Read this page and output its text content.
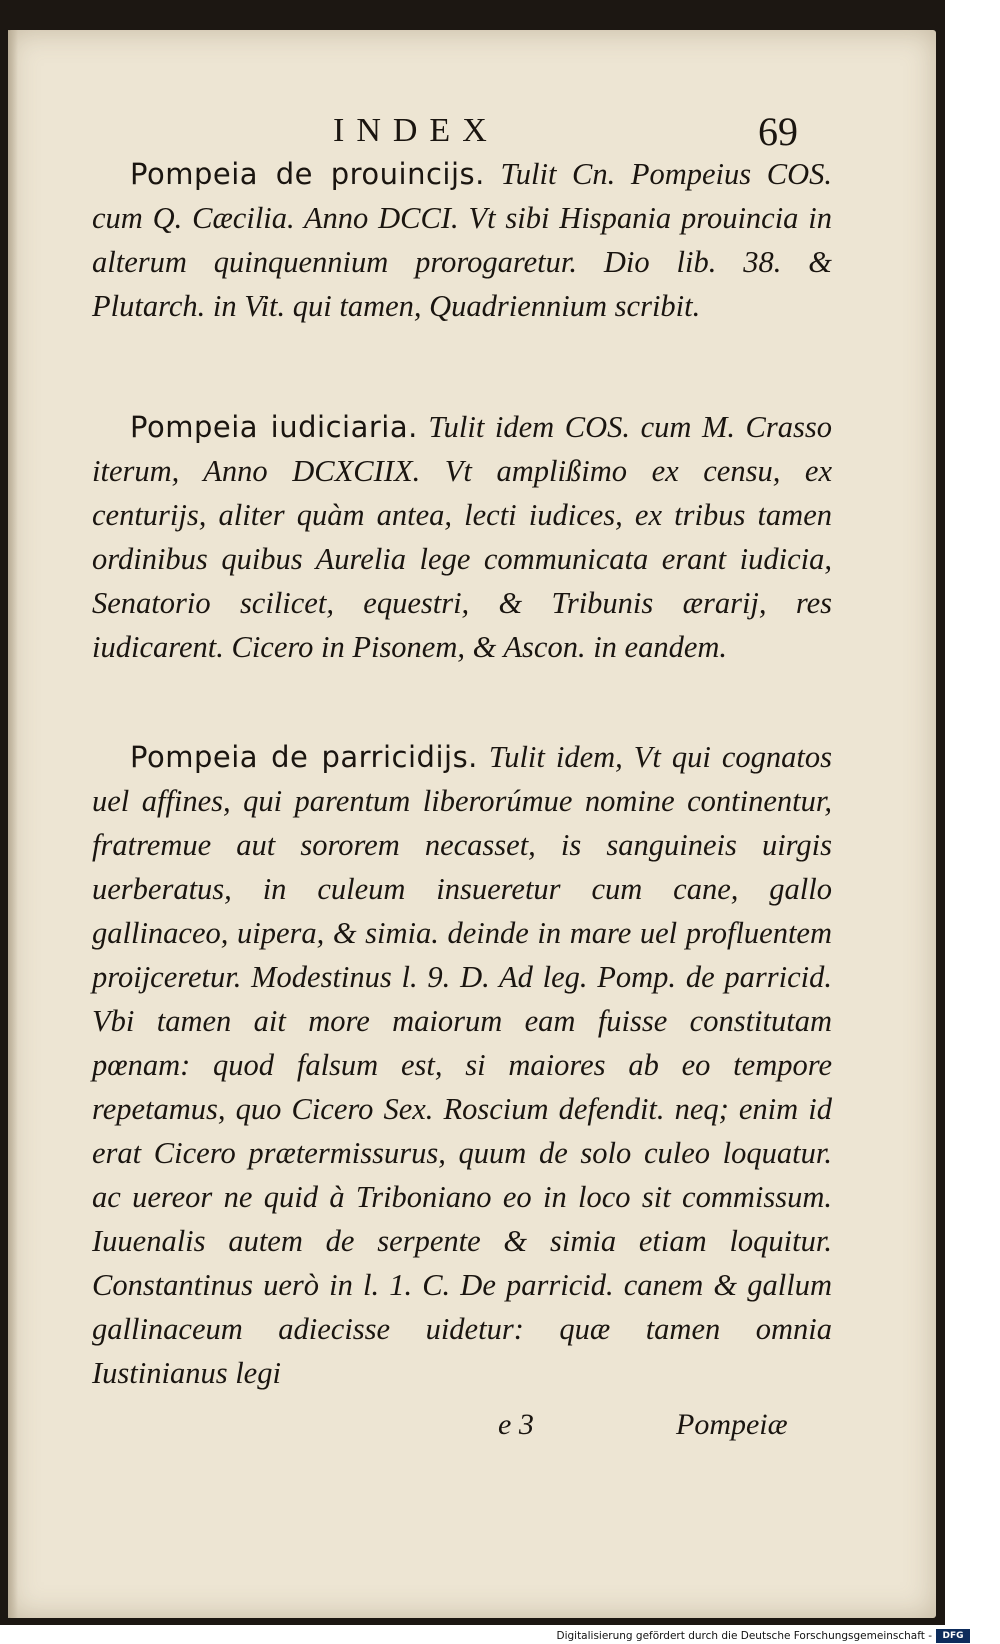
INDEX	69
Pompeia de prouincijs. Tulit Cn. Pompeius COS. cum Q. Cæcilia. Anno DCCI. Vt sibi Hispania prouincia in alterum quinquennium prorogaretur. Dio lib. 38. & Plutarch. in Vit. qui tamen, Quadriennium scribit.
Pompeia iudiciaria. Tulit idem COS. cum M. Crasso iterum, Anno DCXCIIX. Vt amplißimo ex censu, ex centurijs, aliter quàm antea, lecti iudices, ex tribus tamen ordinibus quibus Aurelia lege communicata erant iudicia, Senatorio scilicet, equestri, & Tribunis ærarij, res iudicarent. Cicero in Pisonem, & Ascon. in eandem.
Pompeia de parricidijs. Tulit idem, Vt qui cognatos uel affines, qui parentum liberorúmue nomine continentur, fratremue aut sororem necasset, is sanguineis uirgis uerberatus, in culeum insueretur cum cane, gallo gallinaceo, uipera, & simia. deinde in mare uel profluentem proijceretur. Modestinus l. 9. D. Ad leg. Pomp. de parricid. Vbi tamen ait more maiorum eam fuisse constitutam pœnam: quod falsum est, si maiores ab eo tempore repetamus, quo Cicero Sex. Roscium defendit. neq; enim id erat Cicero prætermissurus, quum de solo culeo loquatur. ac uereor ne quid à Triboniano eo in loco sit commissum. Iuuenalis autem de serpente & simia etiam loquitur. Constantinus uerò in l. 1. C. De parricid. canem & gallum gallinaceum adiecisse uidetur: quæ tamen omnia Iustinianus legi
e 3	Pompeiæ
Digitalisierung gefördert durch die Deutsche Forschungsgemeinschaft -	DFG
